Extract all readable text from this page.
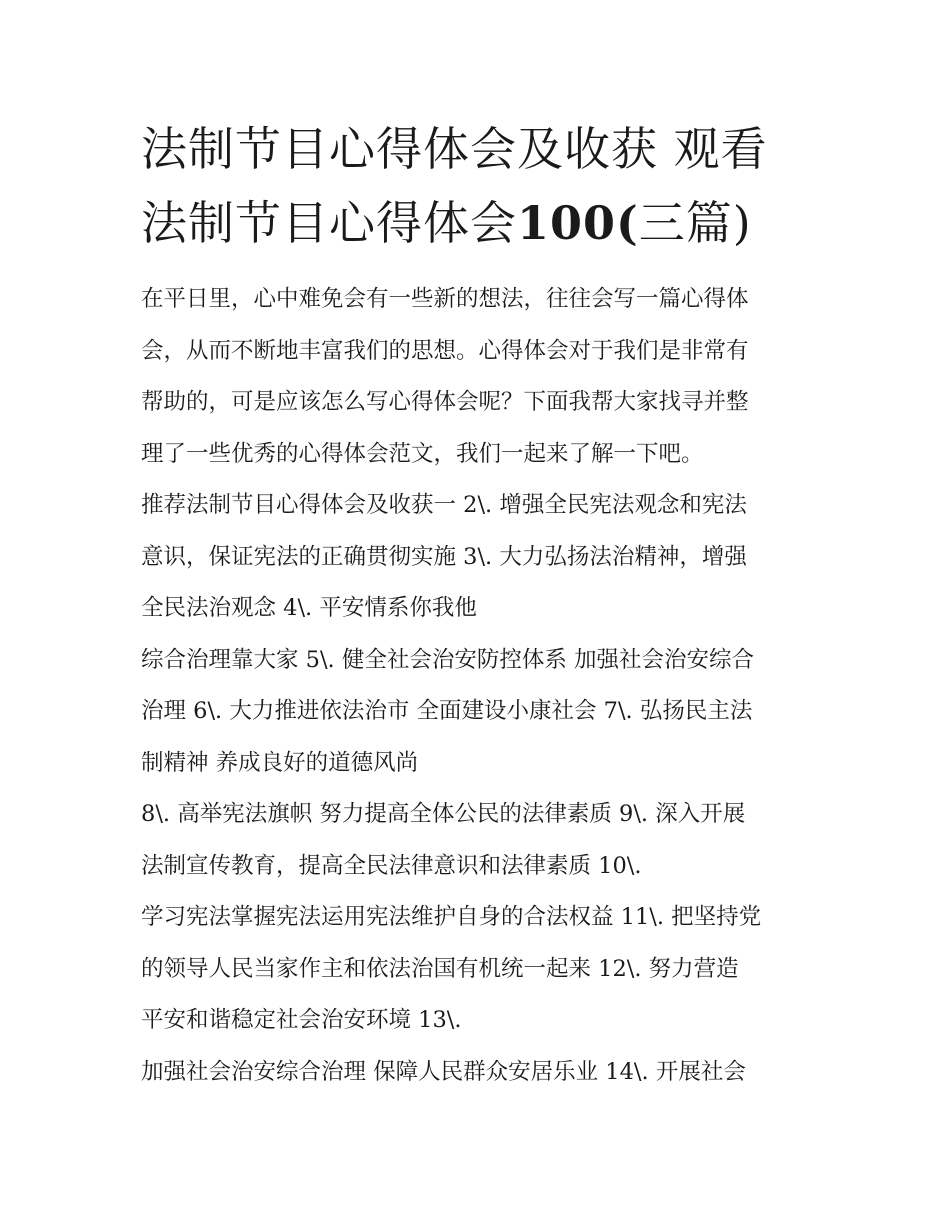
法制节目心得体会及收获 观看
法制节目心得体会100(三篇)
在平日里，心中难免会有一些新的想法，往往会写一篇心得体
会，从而不断地丰富我们的思想。心得体会对于我们是非常有
帮助的，可是应该怎么写心得体会呢？下面我帮大家找寻并整
理了一些优秀的心得体会范文，我们一起来了解一下吧。
推荐法制节目心得体会及收获一 2\. 增强全民宪法观念和宪法
意识，保证宪法的正确贯彻实施 3\. 大力弘扬法治精神，增强
全民法治观念 4\. 平安情系你我他
综合治理靠大家 5\. 健全社会治安防控体系 加强社会治安综合
治理 6\. 大力推进依法治市 全面建设小康社会 7\. 弘扬民主法
制精神 养成良好的道德风尚
8\. 高举宪法旗帜 努力提高全体公民的法律素质 9\. 深入开展
法制宣传教育，提高全民法律意识和法律素质 10\.
学习宪法掌握宪法运用宪法维护自身的合法权益 11\. 把坚持党
的领导人民当家作主和依法治国有机统一起来 12\. 努力营造
平安和谐稳定社会治安环境 13\.
加强社会治安综合治理 保障人民群众安居乐业 14\. 开展社会
